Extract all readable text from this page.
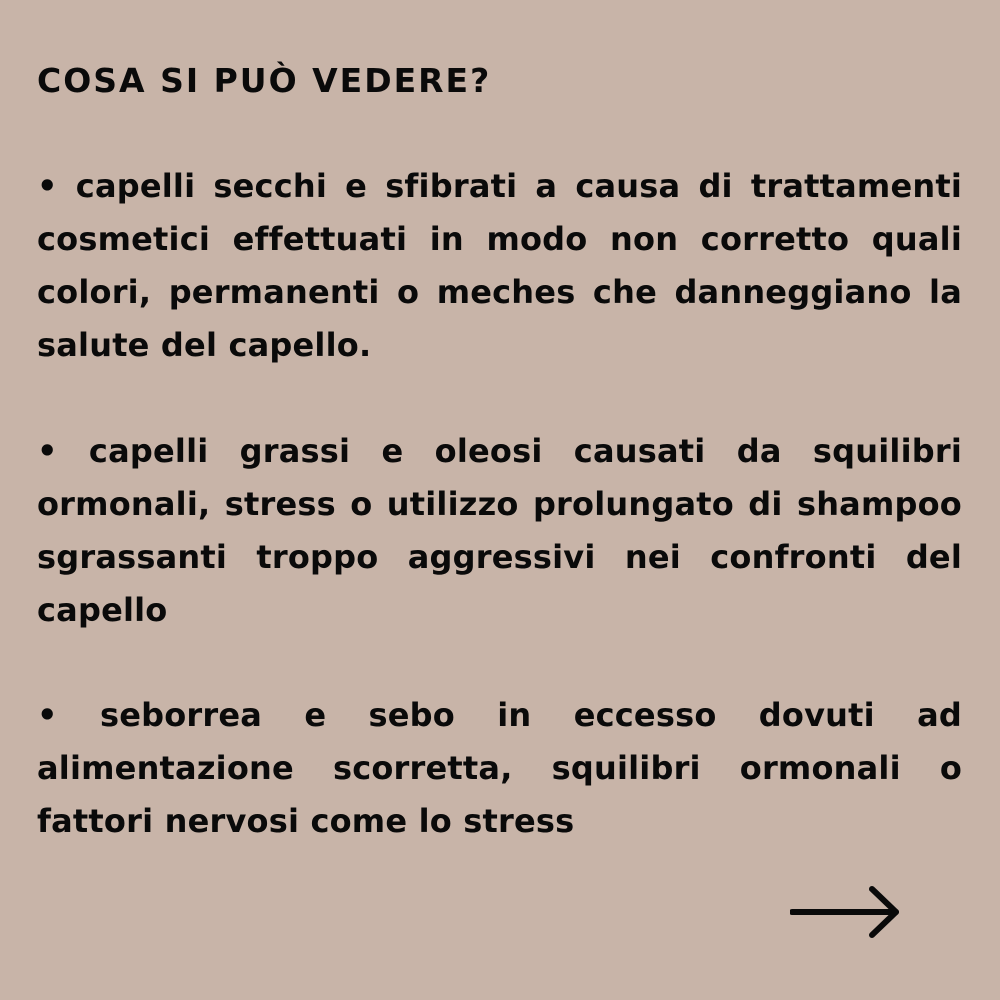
COSA SI PUÒ VEDERE?

• capelli secchi e sfibrati a causa di trattamenti cosmetici effettuati in modo non corretto quali colori, permanenti o meches che danneggiano la salute del capello.

• capelli grassi e oleosi causati da squilibri ormonali, stress o utilizzo prolungato di shampoo sgrassanti troppo aggressivi nei confronti del capello

• seborrea e sebo in eccesso dovuti ad alimentazione scorretta, squilibri ormonali o fattori nervosi come lo stress
